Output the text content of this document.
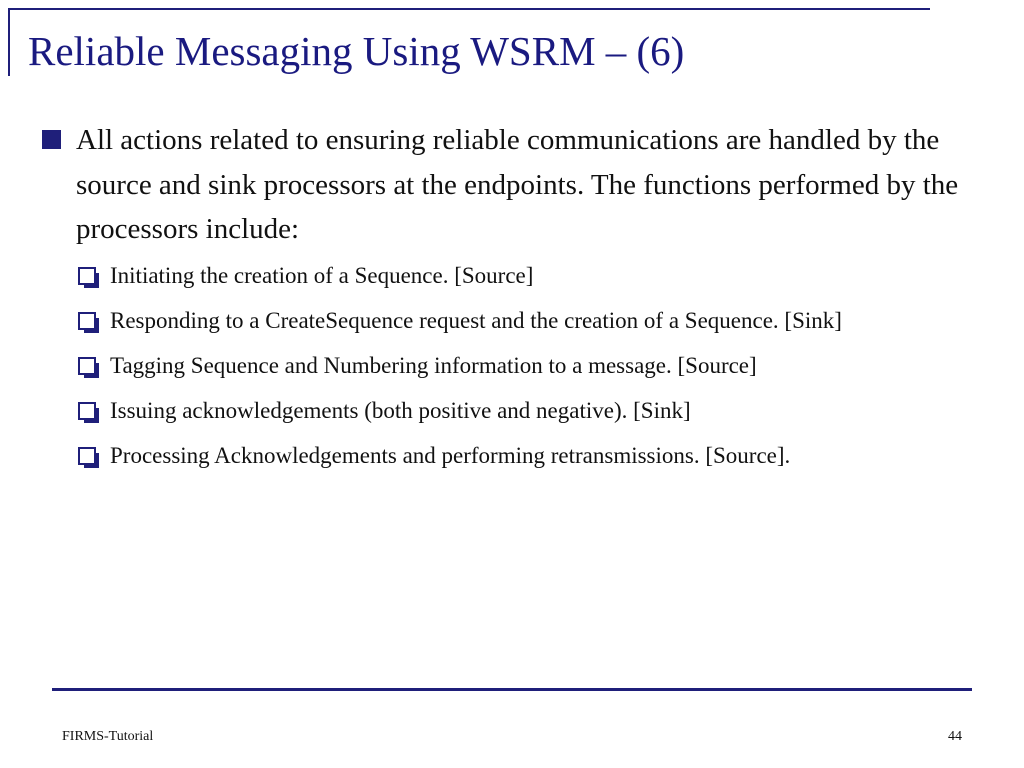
Reliable Messaging Using WSRM – (6)
All actions related to ensuring reliable communications are handled by the source and sink processors at the endpoints. The functions performed by the processors include:
Initiating the creation of a Sequence. [Source]
Responding to a CreateSequence request and the creation of a Sequence. [Sink]
Tagging Sequence and Numbering information to a message. [Source]
Issuing acknowledgements (both positive and negative). [Sink]
Processing Acknowledgements and performing retransmissions. [Source].
FIRMS-Tutorial	44
